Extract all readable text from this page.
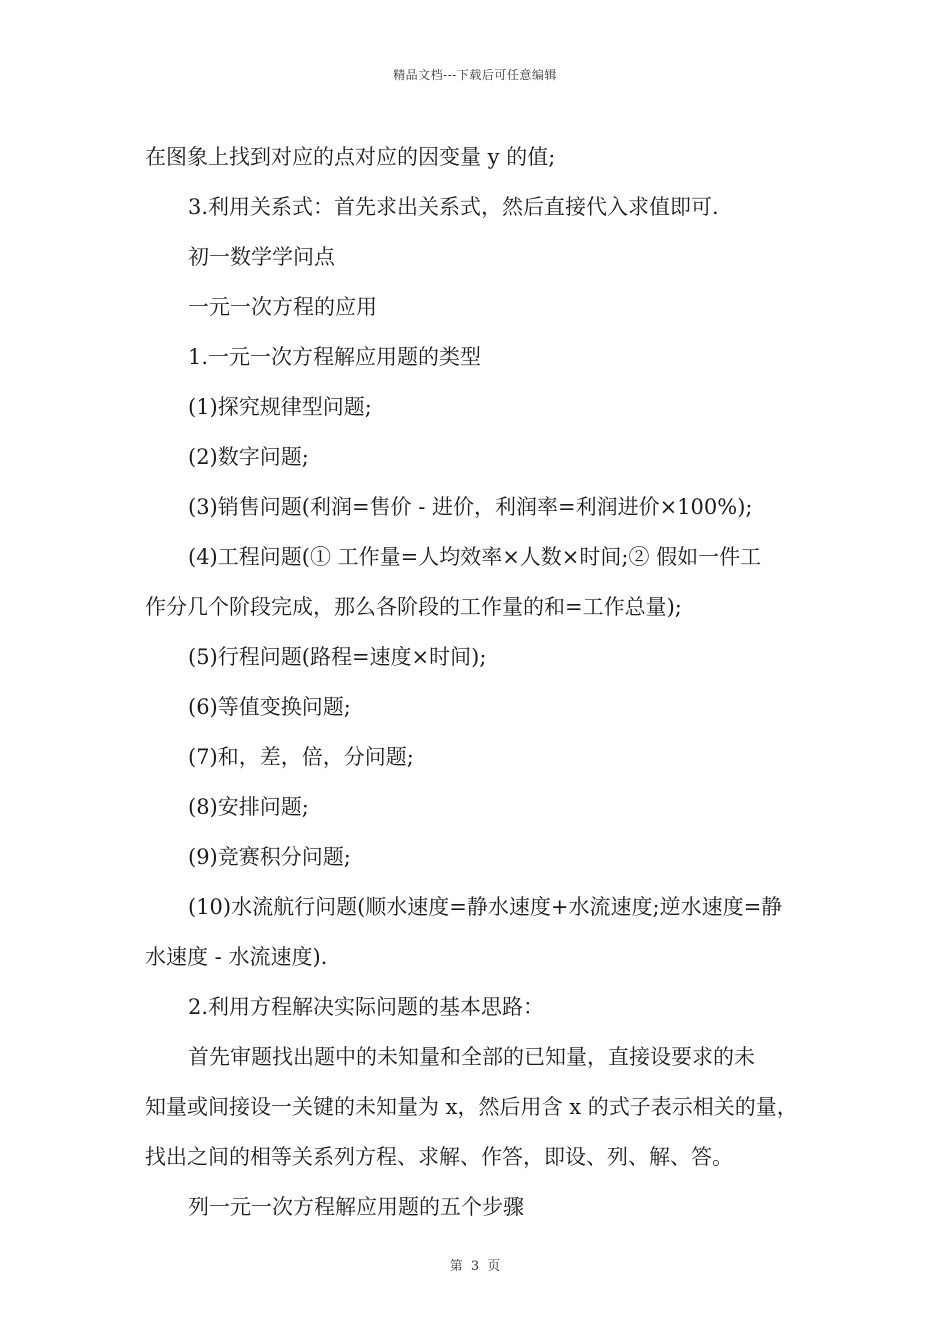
精品文档---下载后可任意编辑
在图象上找到对应的点对应的因变量 y 的值;
3.利用关系式：首先求出关系式，然后直接代入求值即可.
初一数学学问点
一元一次方程的应用
1.一元一次方程解应用题的类型
(1)探究规律型问题;
(2)数字问题;
(3)销售问题(利润=售价 - 进价，利润率=利润进价×100%);
(4)工程问题(① 工作量=人均效率×人数×时间;② 假如一件工
作分几个阶段完成，那么各阶段的工作量的和=工作总量);
(5)行程问题(路程=速度×时间);
(6)等值变换问题;
(7)和，差，倍，分问题;
(8)安排问题;
(9)竞赛积分问题;
(10)水流航行问题(顺水速度=静水速度+水流速度;逆水速度=静
水速度 - 水流速度).
2.利用方程解决实际问题的基本思路：
首先审题找出题中的未知量和全部的已知量，直接设要求的未
知量或间接设一关键的未知量为 x，然后用含 x 的式子表示相关的量，
找出之间的相等关系列方程、求解、作答，即设、列、解、答。
列一元一次方程解应用题的五个步骤
第 3 页
